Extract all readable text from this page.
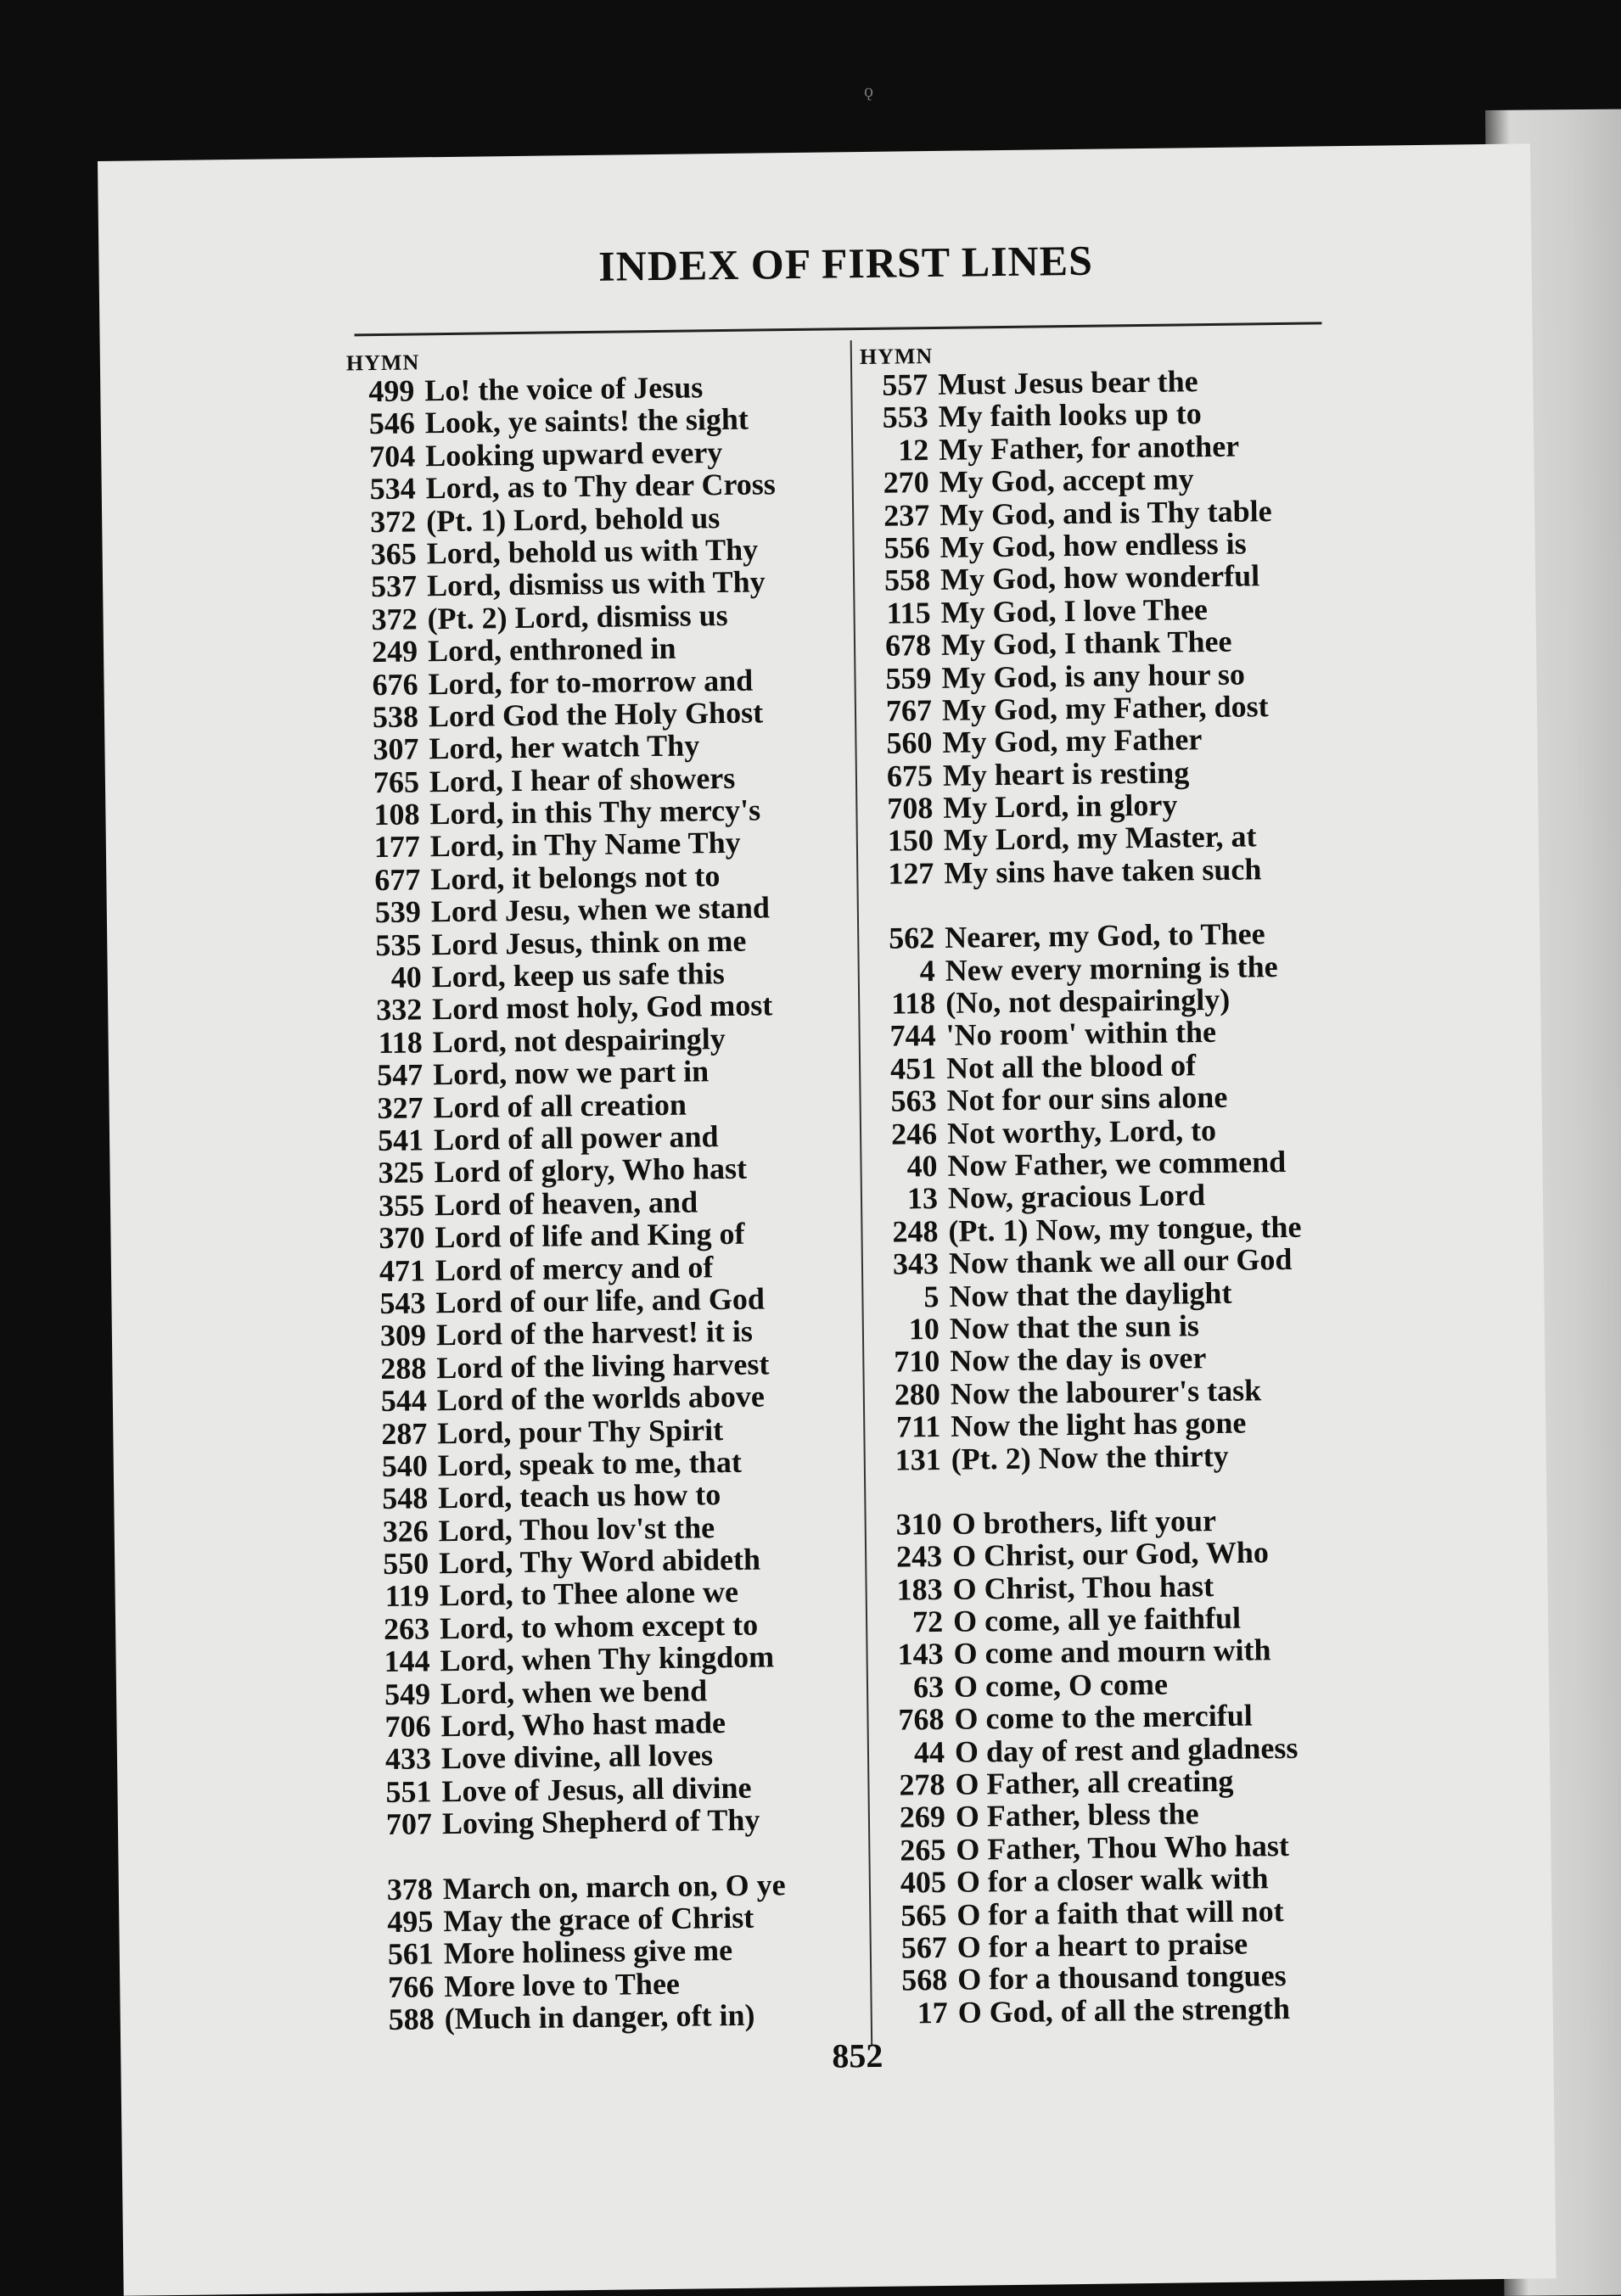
INDEX OF FIRST LINES
HYMN
499 Lo! the voice of Jesus
546 Look, ye saints! the sight
704 Looking upward every
534 Lord, as to Thy dear Cross
372 (Pt. 1) Lord, behold us
365 Lord, behold us with Thy
537 Lord, dismiss us with Thy
372 (Pt. 2) Lord, dismiss us
249 Lord, enthroned in
676 Lord, for to-morrow and
538 Lord God the Holy Ghost
307 Lord, her watch Thy
765 Lord, I hear of showers
108 Lord, in this Thy mercy's
177 Lord, in Thy Name Thy
677 Lord, it belongs not to
539 Lord Jesu, when we stand
535 Lord Jesus, think on me
40 Lord, keep us safe this
332 Lord most holy, God most
118 Lord, not despairingly
547 Lord, now we part in
327 Lord of all creation
541 Lord of all power and
325 Lord of glory, Who hast
355 Lord of heaven, and
370 Lord of life and King of
471 Lord of mercy and of
543 Lord of our life, and God
309 Lord of the harvest! it is
288 Lord of the living harvest
544 Lord of the worlds above
287 Lord, pour Thy Spirit
540 Lord, speak to me, that
548 Lord, teach us how to
326 Lord, Thou lov'st the
550 Lord, Thy Word abideth
119 Lord, to Thee alone we
263 Lord, to whom except to
144 Lord, when Thy kingdom
549 Lord, when we bend
706 Lord, Who hast made
433 Love divine, all loves
551 Love of Jesus, all divine
707 Loving Shepherd of Thy
378 March on, march on, O ye
495 May the grace of Christ
561 More holiness give me
766 More love to Thee
588 (Much in danger, oft in)
HYMN
557 Must Jesus bear the
553 My faith looks up to
12 My Father, for another
270 My God, accept my
237 My God, and is Thy table
556 My God, how endless is
558 My God, how wonderful
115 My God, I love Thee
678 My God, I thank Thee
559 My God, is any hour so
767 My God, my Father, dost
560 My God, my Father
675 My heart is resting
708 My Lord, in glory
150 My Lord, my Master, at
127 My sins have taken such
562 Nearer, my God, to Thee
4 New every morning is the
118 (No, not despairingly)
744 'No room' within the
451 Not all the blood of
563 Not for our sins alone
246 Not worthy, Lord, to
40 Now Father, we commend
13 Now, gracious Lord
248 (Pt. 1) Now, my tongue, the
343 Now thank we all our God
5 Now that the daylight
10 Now that the sun is
710 Now the day is over
280 Now the labourer's task
711 Now the light has gone
131 (Pt. 2) Now the thirty
310 O brothers, lift your
243 O Christ, our God, Who
183 O Christ, Thou hast
72 O come, all ye faithful
143 O come and mourn with
63 O come, O come
768 O come to the merciful
44 O day of rest and gladness
278 O Father, all creating
269 O Father, bless the
265 O Father, Thou Who hast
405 O for a closer walk with
565 O for a faith that will not
567 O for a heart to praise
568 O for a thousand tongues
17 O God, of all the strength
852
ǫ
